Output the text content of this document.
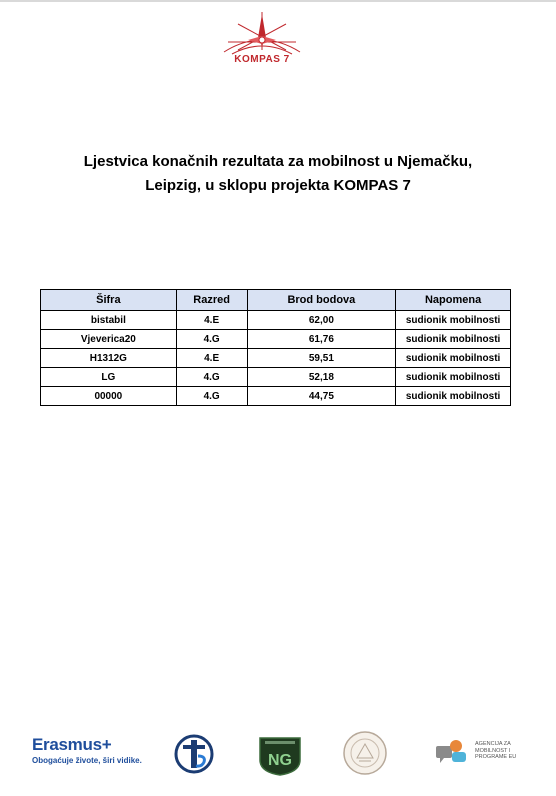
KOMPAS 7
Ljestvica konačnih rezultata za mobilnost u Njemačku,
Leipzig, u sklopu projekta KOMPAS 7
Šifra	Razred	Brod bodova	Napomena
bistabil	4.E	62,00	sudionik mobilnosti
Vjeverica20	4.G	61,76	sudionik mobilnosti
H1312G	4.E	59,51	sudionik mobilnosti
LG	4.G	52,18	sudionik mobilnosti
00000	4.G	44,75	sudionik mobilnosti
Erasmus+
Obogaćuje živote, širi vidike.	NG
AGENCIJA ZA MOBILNOST I PROGRAME EU
